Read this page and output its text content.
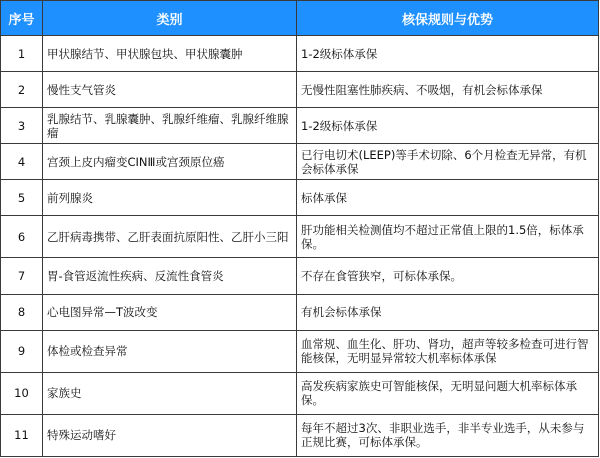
序号	类别	核保规则与优势
1	甲状腺结节、甲状腺包块、甲状腺囊肿	1-2级标体承保
2	慢性支气管炎	无慢性阻塞性肺疾病、不吸烟，有机会标体承保
3	乳腺结节、乳腺囊肿、乳腺纤维瘤、乳腺纤维腺瘤	1-2级标体承保
4	宫颈上皮内瘤变CINⅢ或宫颈原位癌	已行电切术(LEEP)等手术切除、6个月检查无异常，有机会标体承保
5	前列腺炎	标体承保
6	乙肝病毒携带、乙肝表面抗原阳性、乙肝小三阳	肝功能相关检测值均不超过正常值上限的1.5倍，标体承保。
7	胃-食管返流性疾病、反流性食管炎	不存在食管狭窄，可标体承保。
8	心电图异常—T波改变	有机会标体承保
9	体检或检查异常	血常规、血生化、肝功、肾功，超声等较多检查可进行智能核保，无明显异常较大机率标体承保
10	家族史	高发疾病家族史可智能核保，无明显问题大机率标体承保。
11	特殊运动嗜好	每年不超过3次、非职业选手，非半专业选手，从未参与正规比赛，可标体承保。
